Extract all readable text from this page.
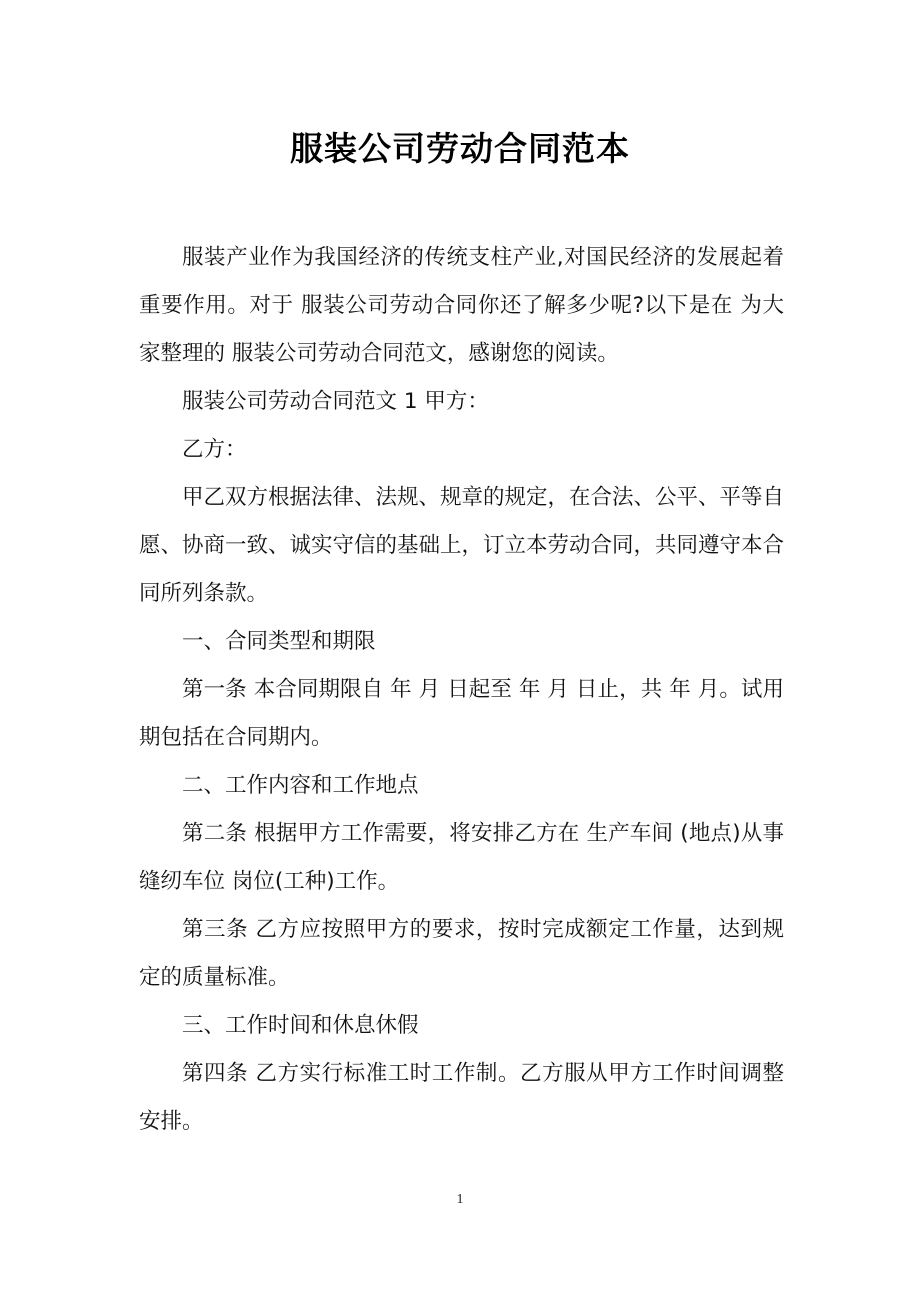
服装公司劳动合同范本

服装产业作为我国经济的传统支柱产业,对国民经济的发展起着重要作用。对于 服装公司劳动合同你还了解多少呢?以下是在 为大家整理的 服装公司劳动合同范文，感谢您的阅读。

服装公司劳动合同范文 1 甲方：

乙方：

甲乙双方根据法律、法规、规章的规定，在合法、公平、平等自愿、协商一致、诚实守信的基础上，订立本劳动合同，共同遵守本合同所列条款。

一、合同类型和期限

第一条 本合同期限自 年 月 日起至 年 月 日止，共 年 月。试用期包括在合同期内。

二、工作内容和工作地点

第二条 根据甲方工作需要，将安排乙方在 生产车间 (地点)从事 缝纫车位 岗位(工种)工作。

第三条 乙方应按照甲方的要求，按时完成额定工作量，达到规定的质量标准。

三、工作时间和休息休假

第四条 乙方实行标准工时工作制。乙方服从甲方工作时间调整安排。

1
